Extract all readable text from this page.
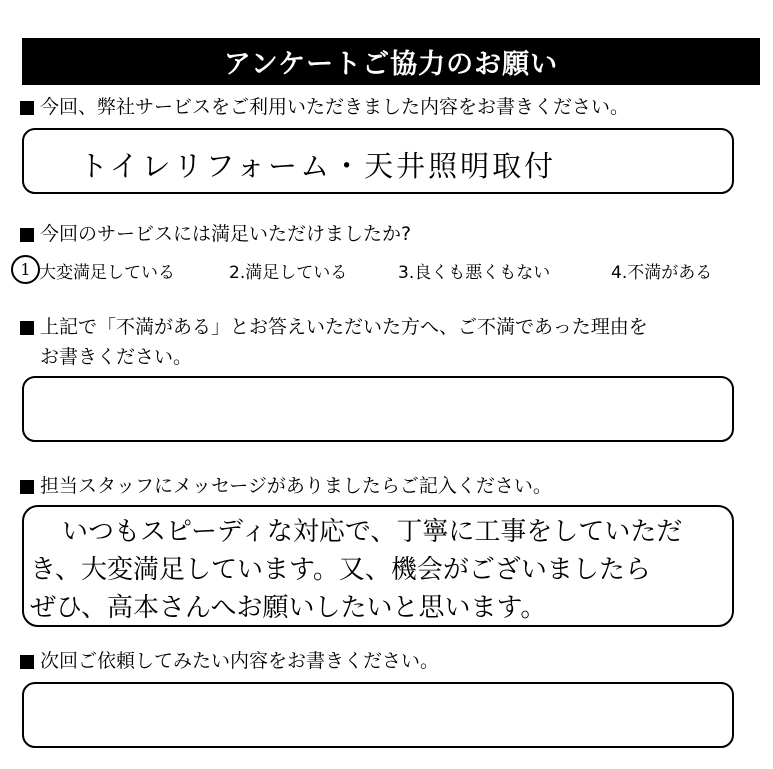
アンケートご協力のお願い
今回、弊社サービスをご利用いただきました内容をお書きください。
トイレリフォーム・天井照明取付
今回のサービスには満足いただけましたか?
1 大変満足している	2.満足している	3.良くも悪くもない	4.不満がある
上記で「不満がある」とお答えいただいた方へ、ご不満であった理由を
お書きください。
担当スタッフにメッセージがありましたらご記入ください。
いつもスピーディな対応で、丁寧に工事をしていただ
き、大変満足しています。又、機会がございましたら
ぜひ、高本さんへお願いしたいと思います。
次回ご依頼してみたい内容をお書きください。
